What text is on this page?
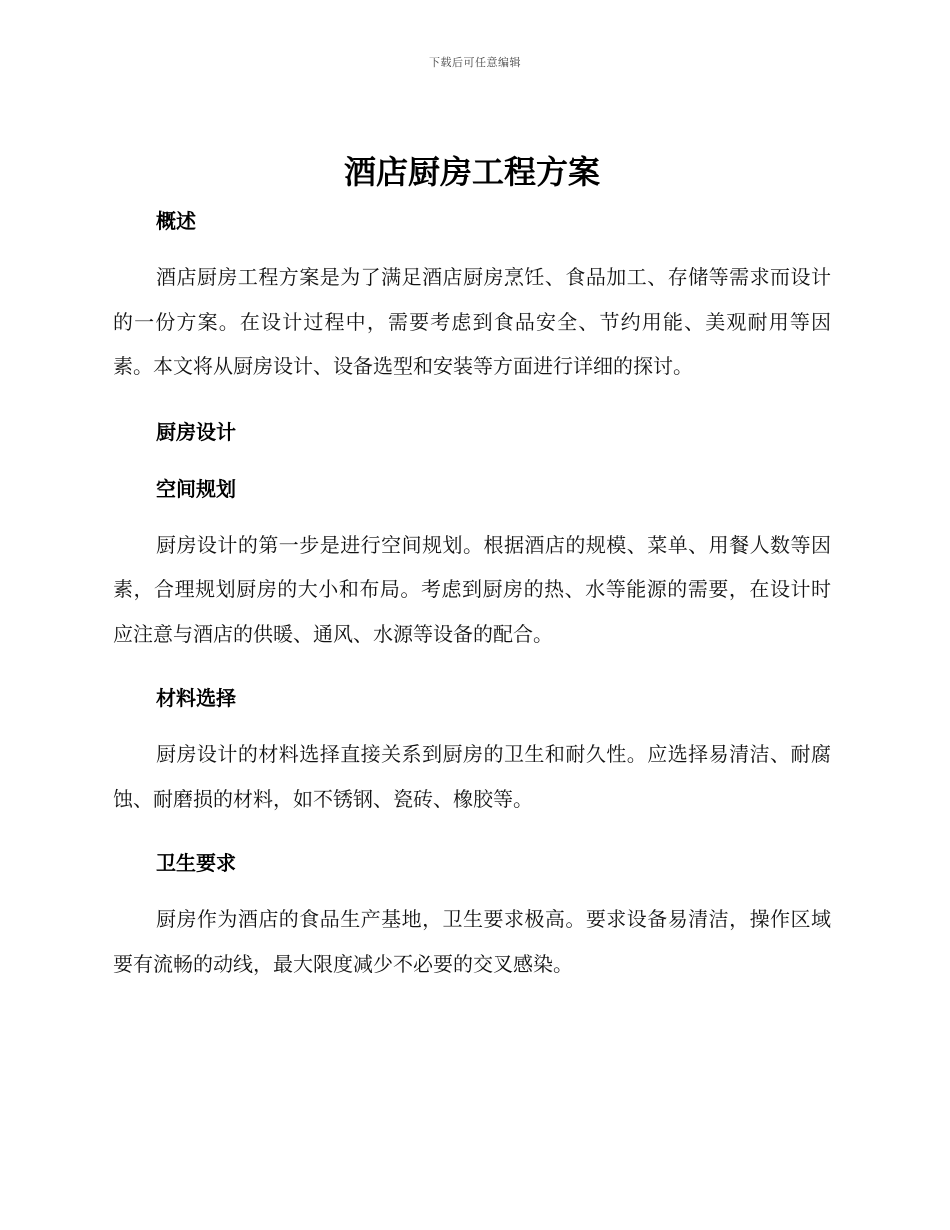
下载后可任意编辑
酒店厨房工程方案
概述

酒店厨房工程方案是为了满足酒店厨房烹饪、食品加工、存储等需求而设计的一份方案。在设计过程中，需要考虑到食品安全、节约用能、美观耐用等因素。本文将从厨房设计、设备选型和安装等方面进行详细的探讨。

厨房设计
空间规划

厨房设计的第一步是进行空间规划。根据酒店的规模、菜单、用餐人数等因素，合理规划厨房的大小和布局。考虑到厨房的热、水等能源的需要，在设计时应注意与酒店的供暖、通风、水源等设备的配合。

材料选择

厨房设计的材料选择直接关系到厨房的卫生和耐久性。应选择易清洁、耐腐蚀、耐磨损的材料，如不锈钢、瓷砖、橡胶等。

卫生要求

厨房作为酒店的食品生产基地，卫生要求极高。要求设备易清洁，操作区域要有流畅的动线，最大限度减少不必要的交叉感染。
